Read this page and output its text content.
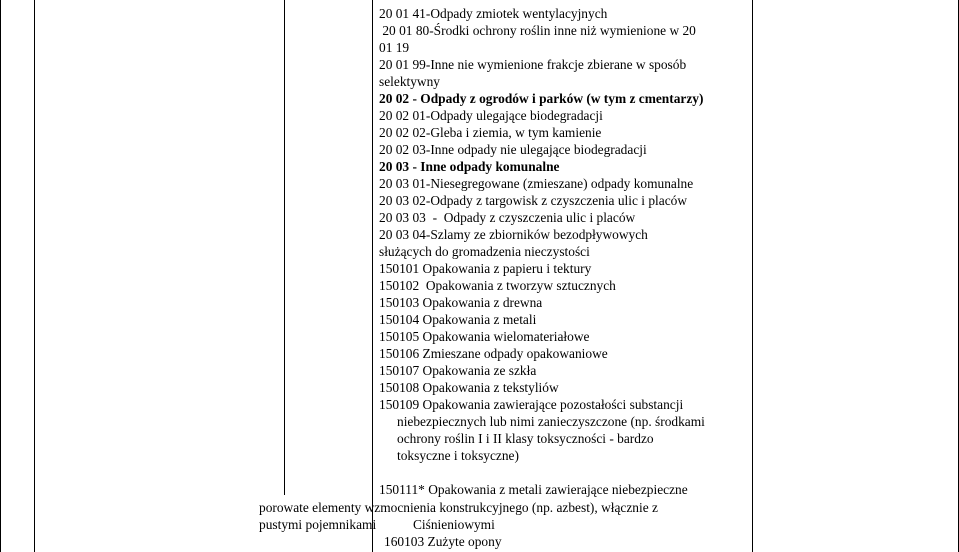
20 01 41-Odpady zmiotek wentylacyjnych
20 01 80-Środki ochrony roślin inne niż wymienione w 20
01 19
20 01 99-Inne nie wymienione frakcje zbierane w sposób
selektywny
20 02 - Odpady z ogrodów i parków (w tym z cmentarzy)
20 02 01-Odpady ulegające biodegradacji
20 02 02-Gleba i ziemia, w tym kamienie
20 02 03-Inne odpady nie ulegające biodegradacji
20 03 - Inne odpady komunalne
20 03 01-Niesegregowane (zmieszane) odpady komunalne
20 03 02-Odpady z targowisk z czyszczenia ulic i placów
20 03 03  -  Odpady z czyszczenia ulic i placów
20 03 04-Szlamy ze zbiorników bezodpływowych
służących do gromadzenia nieczystości
150101 Opakowania z papieru i tektury
150102  Opakowania z tworzyw sztucznych
150103 Opakowania z drewna
150104 Opakowania z metali
150105 Opakowania wielomateriałowe
150106 Zmieszane odpady opakowaniowe
150107 Opakowania ze szkła
150108 Opakowania z tekstyliów
150109 Opakowania zawierające pozostałości substancji
niebezpiecznych lub nimi zanieczyszczone (np. środkami
ochrony roślin I i II klasy toksyczności - bardzo
toksyczne i toksyczne)
150111* Opakowania z metali zawierające niebezpieczne
porowate elementy wzmocnienia konstrukcyjnego (np. azbest), włącznie z
pustymi pojemnikami           Ciśnieniowymi
160103 Zużyte opony
